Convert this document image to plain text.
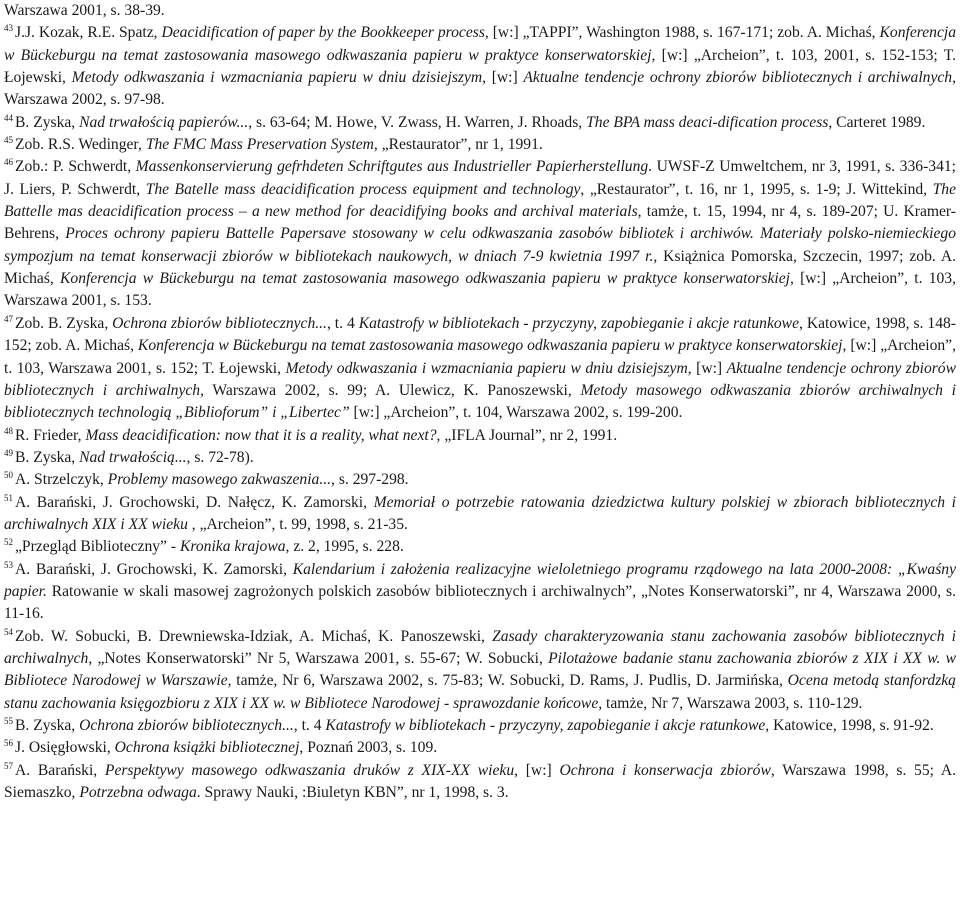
Warszawa 2001, s. 38-39.

$^{43}$ J.J. Kozak, R.E. Spatz, Deacidification of paper by the Bookkeeper process, [w:] „TAPPI”, Washington 1988, s. 167-171; zob. A. Michaś, Konferencja w Bückeburgu na temat zastosowania masowego odkwaszania papieru w praktyce konserwatorskiej, [w:] „Archeion”, t. 103, 2001, s. 152-153; T. Łojewski, Metody odkwaszania i wzmacniania papieru w dniu dzisiejszym, [w:] Aktualne tendencje ochrony zbiorów bibliotecznych i archiwalnych, Warszawa 2002, s. 97-98.

$^{44}$ B. Zyska, Nad trwałością papierów..., s. 63-64; M. Howe, V. Zwass, H. Warren, J. Rhoads, The BPA mass deaci-dification process, Carteret 1989.

$^{45}$ Zob. R.S. Wedinger, The FMC Mass Preservation System, „Restaurator”, nr 1, 1991.

$^{46}$ Zob.: P. Schwerdt, Massenkonservierung gefrhdeten Schriftgutes aus Industrieller Papierherstellung. UWSF-Z Umweltchem, nr 3, 1991, s. 336-341; J. Liers, P. Schwerdt, The Batelle mass deacidification process equipment and technology, „Restaurator”, t. 16, nr 1, 1995, s. 1-9; J. Wittekind, The Battelle mas deacidification process – a new method for deacidifying books and archival materials, tamże, t. 15, 1994, nr 4, s. 189-207; U. Kramer-Behrens, Proces ochrony papieru Battelle Papersave stosowany w celu odkwaszania zasobów bibliotek i archiwów. Materiały polsko-niemieckiego sympozjum na temat konserwacji zbiorów w bibliotekach naukowych, w dniach 7-9 kwietnia 1997 r., Książnica Pomorska, Szczecin, 1997; zob. A. Michaś, Konferencja w Bückeburgu na temat zastosowania masowego odkwaszania papieru w praktyce konserwatorskiej, [w:] „Archeion”, t. 103, Warszawa 2001, s. 153.

$^{47}$ Zob. B. Zyska, Ochrona zbiorów bibliotecznych..., t. 4 Katastrofy w bibliotekach - przyczyny, zapobieganie i akcje ratunkowe, Katowice, 1998, s. 148-152; zob. A. Michaś, Konferencja w Bückeburgu na temat zastosowania masowego odkwaszania papieru w praktyce konserwatorskiej, [w:] „Archeion”, t. 103, Warszawa 2001, s. 152; T. Łojewski, Metody odkwaszania i wzmacniania papieru w dniu dzisiejszym, [w:] Aktualne tendencje ochrony zbiorów bibliotecznych i archiwalnych, Warszawa 2002, s. 99; A. Ulewicz, K. Panoszewski, Metody masowego odkwaszania zbiorów archiwalnych i bibliotecznych technologią „Biblioforum” i „Libertec” [w:] „Archeion”, t. 104, Warszawa 2002, s. 199-200.

$^{48}$ R. Frieder, Mass deacidification: now that it is a reality, what next?, „IFLA Journal”, nr 2, 1991.

$^{49}$ B. Zyska, Nad trwałością..., s. 72-78).

$^{50}$ A. Strzelczyk, Problemy masowego zakwaszenia..., s. 297-298.

$^{51}$ A. Barański, J. Grochowski, D. Nałęcz, K. Zamorski, Memoriał o potrzebie ratowania dziedzictwa kultury polskiej w zbiorach bibliotecznych i archiwalnych XIX i XX wieku , „Archeion”, t. 99, 1998, s. 21-35.

$^{52}$ „Przegląd Biblioteczny” - Kronika krajowa, z. 2, 1995, s. 228.

$^{53}$ A. Barański, J. Grochowski, K. Zamorski, Kalendarium i założenia realizacyjne wieloletniego programu rządowego na lata 2000-2008: „Kwaśny papier. Ratowanie w skali masowej zagrożonych polskich zasobów bibliotecznych i archiwalnych”, „Notes Konserwatorski”, nr 4, Warszawa 2000, s. 11-16.

$^{54}$ Zob. W. Sobucki, B. Drewniewska-Idziak, A. Michaś, K. Panoszewski, Zasady charakteryzowania stanu zachowania zasobów bibliotecznych i archiwalnych, „Notes Konserwatorski” Nr 5, Warszawa 2001, s. 55-67; W. Sobucki, Pilotażowe badanie stanu zachowania zbiorów z XIX i XX w. w Bibliotece Narodowej w Warszawie, tamże, Nr 6, Warszawa 2002, s. 75-83; W. Sobucki, D. Rams, J. Pudlis, D. Jarmińska, Ocena metodą stanfordzką stanu zachowania księgozbioru z XIX i XX w. w Bibliotece Narodowej - sprawozdanie końcowe, tamże, Nr 7, Warszawa 2003, s. 110-129.

$^{55}$ B. Zyska, Ochrona zbiorów bibliotecznych..., t. 4 Katastrofy w bibliotekach - przyczyny, zapobieganie i akcje ratunkowe, Katowice, 1998, s. 91-92.

$^{56}$ J. Osięgłowski, Ochrona książki bibliotecznej, Poznań 2003, s. 109.

$^{57}$ A. Barański, Perspektywy masowego odkwaszania druków z XIX-XX wieku, [w:] Ochrona i konserwacja zbiorów, Warszawa 1998, s. 55; A. Siemaszko, Potrzebna odwaga. Sprawy Nauki, :Biuletyn KBN”, nr 1, 1998, s. 3.
